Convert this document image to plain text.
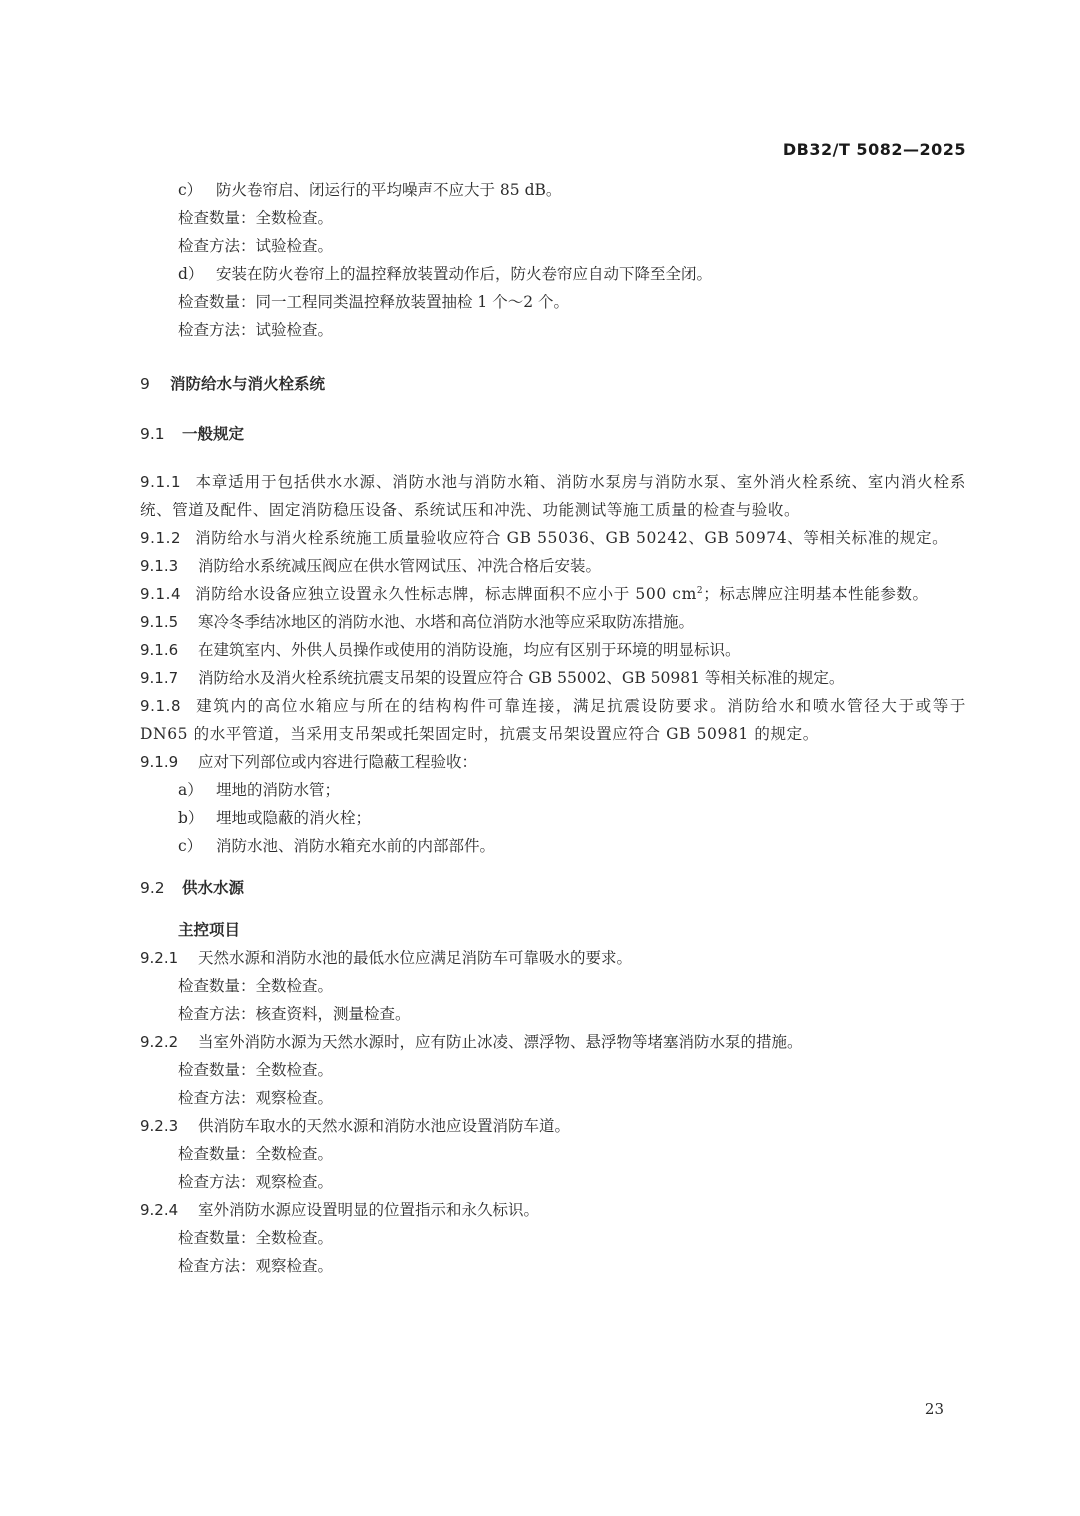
DB32/T 5082—2025
c） 防火卷帘启、闭运行的平均噪声不应大于 85 dB。
检查数量：全数检查。
检查方法：试验检查。
d） 安装在防火卷帘上的温控释放装置动作后，防火卷帘应自动下降至全闭。
检查数量：同一工程同类温控释放装置抽检 1 个～2 个。
检查方法：试验检查。
9 消防给水与消火栓系统
9.1 一般规定
9.1.1 本章适用于包括供水水源、消防水池与消防水箱、消防水泵房与消防水泵、室外消火栓系统、室内消火栓系统、管道及配件、固定消防稳压设备、系统试压和冲洗、功能测试等施工质量的检查与验收。
9.1.2 消防给水与消火栓系统施工质量验收应符合 GB 55036、GB 50242、GB 50974、等相关标准的规定。
9.1.3 消防给水系统减压阀应在供水管网试压、冲洗合格后安装。
9.1.4 消防给水设备应独立设置永久性标志牌，标志牌面积不应小于 500 $cm^2$；标志牌应注明基本性能参数。
9.1.5 寒冷冬季结冰地区的消防水池、水塔和高位消防水池等应采取防冻措施。
9.1.6 在建筑室内、外供人员操作或使用的消防设施，均应有区别于环境的明显标识。
9.1.7 消防给水及消火栓系统抗震支吊架的设置应符合 GB 55002、GB 50981 等相关标准的规定。
9.1.8 建筑内的高位水箱应与所在的结构构件可靠连接，满足抗震设防要求。消防给水和喷水管径大于或等于 DN65 的水平管道，当采用支吊架或托架固定时，抗震支吊架设置应符合 GB 50981 的规定。
9.1.9 应对下列部位或内容进行隐蔽工程验收：
a） 埋地的消防水管；
b） 埋地或隐蔽的消火栓；
c） 消防水池、消防水箱充水前的内部部件。
9.2 供水水源
主控项目
9.2.1 天然水源和消防水池的最低水位应满足消防车可靠吸水的要求。
检查数量：全数检查。
检查方法：核查资料，测量检查。
9.2.2 当室外消防水源为天然水源时，应有防止冰凌、漂浮物、悬浮物等堵塞消防水泵的措施。
检查数量：全数检查。
检查方法：观察检查。
9.2.3 供消防车取水的天然水源和消防水池应设置消防车道。
检查数量：全数检查。
检查方法：观察检查。
9.2.4 室外消防水源应设置明显的位置指示和永久标识。
检查数量：全数检查。
检查方法：观察检查。
23
